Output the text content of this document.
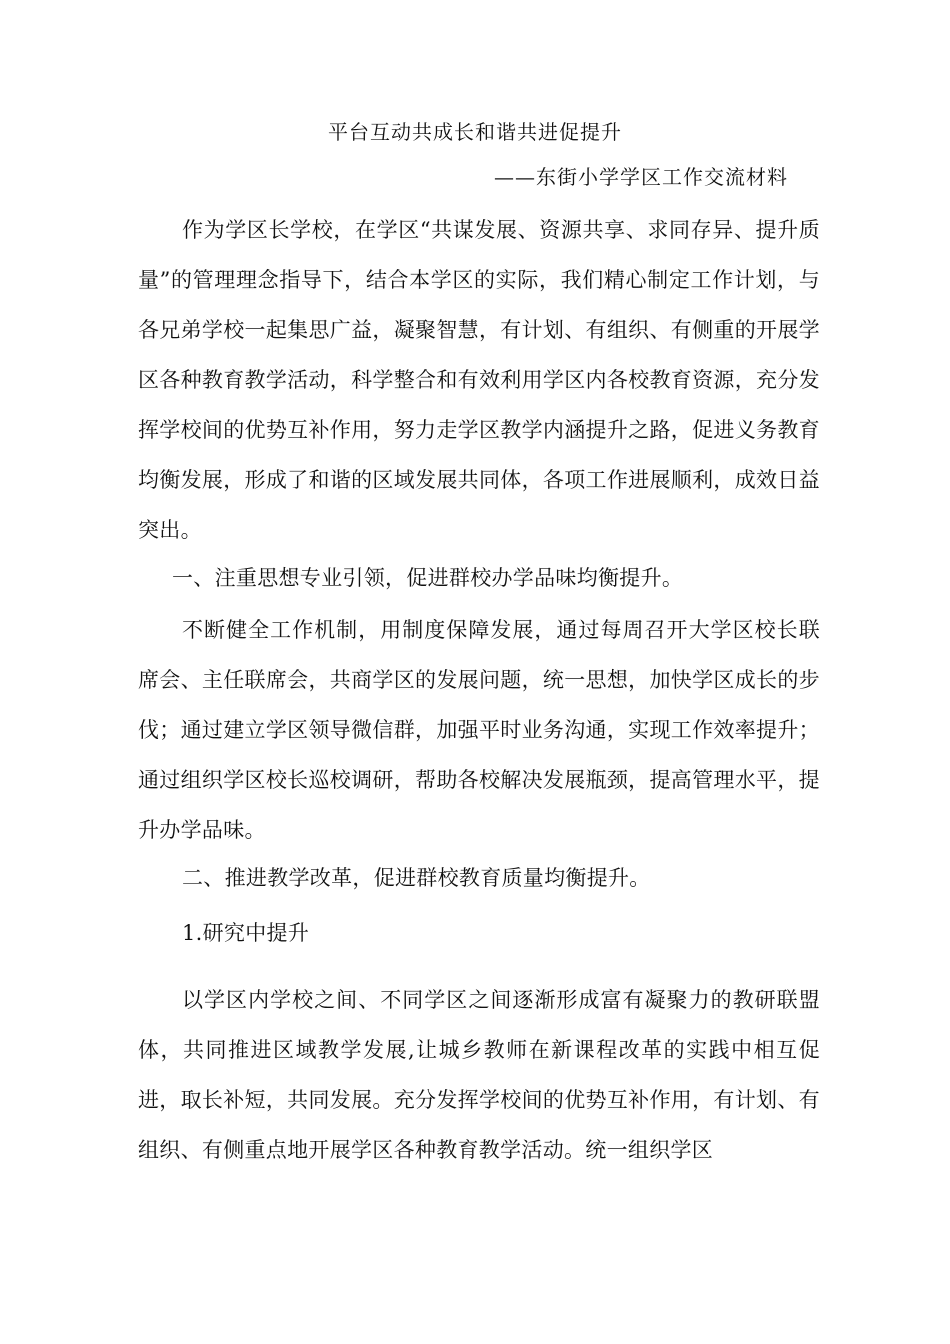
平台互动共成长和谐共进促提升
——东街小学学区工作交流材料

作为学区长学校，在学区“共谋发展、资源共享、求同存异、提升质量”的管理理念指导下，结合本学区的实际，我们精心制定工作计划，与各兄弟学校一起集思广益，凝聚智慧，有计划、有组织、有侧重的开展学区各种教育教学活动，科学整合和有效利用学区内各校教育资源，充分发挥学校间的优势互补作用，努力走学区教学内涵提升之路，促进义务教育均衡发展，形成了和谐的区域发展共同体，各项工作进展顺利，成效日益突出。

一、注重思想专业引领，促进群校办学品味均衡提升。

不断健全工作机制，用制度保障发展，通过每周召开大学区校长联席会、主任联席会，共商学区的发展问题，统一思想，加快学区成长的步伐；通过建立学区领导微信群，加强平时业务沟通，实现工作效率提升；通过组织学区校长巡校调研，帮助各校解决发展瓶颈，提高管理水平，提升办学品味。

二、推进教学改革，促进群校教育质量均衡提升。
1.研究中提升

以学区内学校之间、不同学区之间逐渐形成富有凝聚力的教研联盟体，共同推进区域教学发展,让城乡教师在新课程改革的实践中相互促进，取长补短，共同发展。充分发挥学校间的优势互补作用，有计划、有组织、有侧重点地开展学区各种教育教学活动。统一组织学区
